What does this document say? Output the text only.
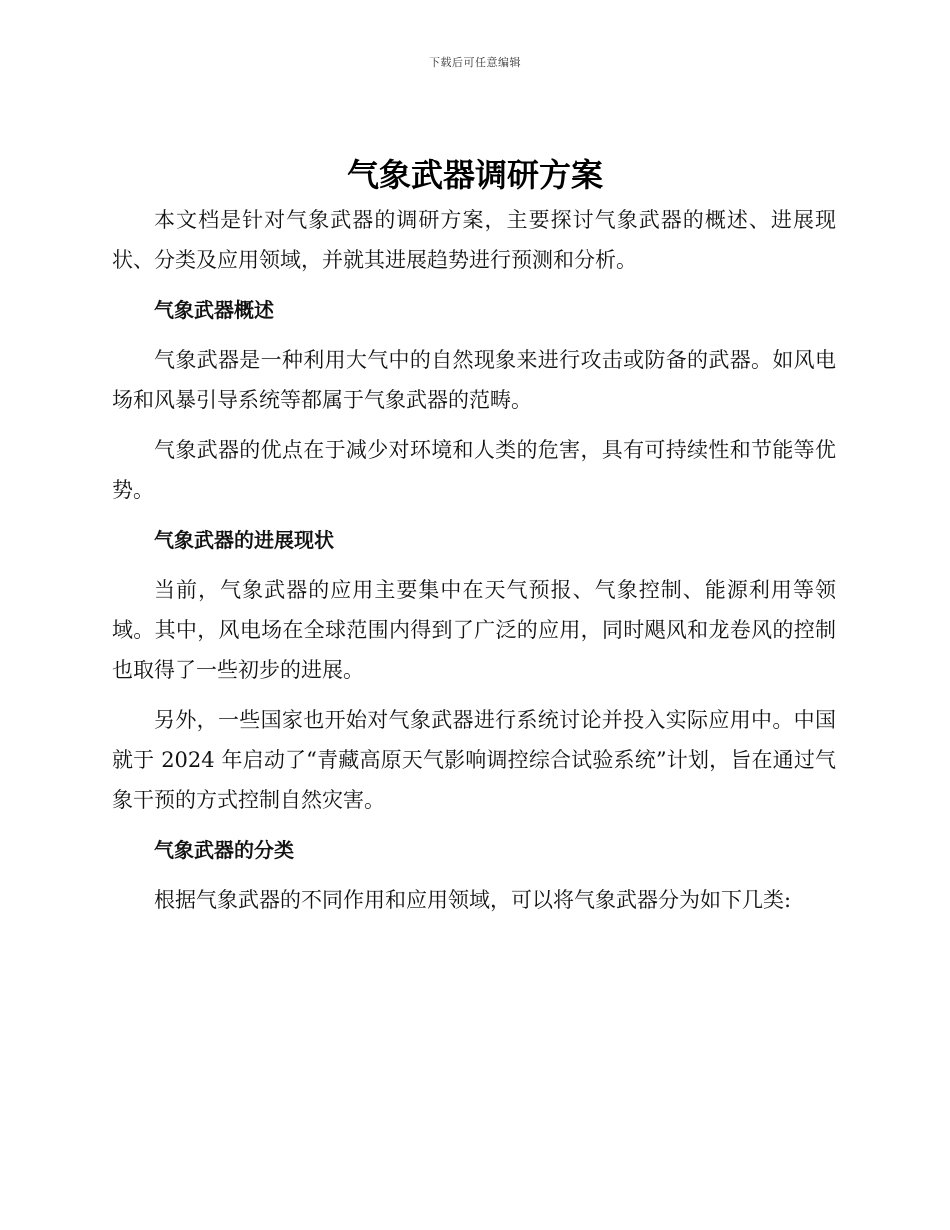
下载后可任意编辑
气象武器调研方案

本文档是针对气象武器的调研方案，主要探讨气象武器的概述、进展现状、分类及应用领域，并就其进展趋势进行预测和分析。

气象武器概述

气象武器是一种利用大气中的自然现象来进行攻击或防备的武器。如风电场和风暴引导系统等都属于气象武器的范畴。

气象武器的优点在于减少对环境和人类的危害，具有可持续性和节能等优势。

气象武器的进展现状

当前，气象武器的应用主要集中在天气预报、气象控制、能源利用等领域。其中，风电场在全球范围内得到了广泛的应用，同时飓风和龙卷风的控制也取得了一些初步的进展。

另外，一些国家也开始对气象武器进行系统讨论并投入实际应用中。中国就于 2024 年启动了“青藏高原天气影响调控综合试验系统”计划，旨在通过气象干预的方式控制自然灾害。

气象武器的分类

根据气象武器的不同作用和应用领域，可以将气象武器分为如下几类:
